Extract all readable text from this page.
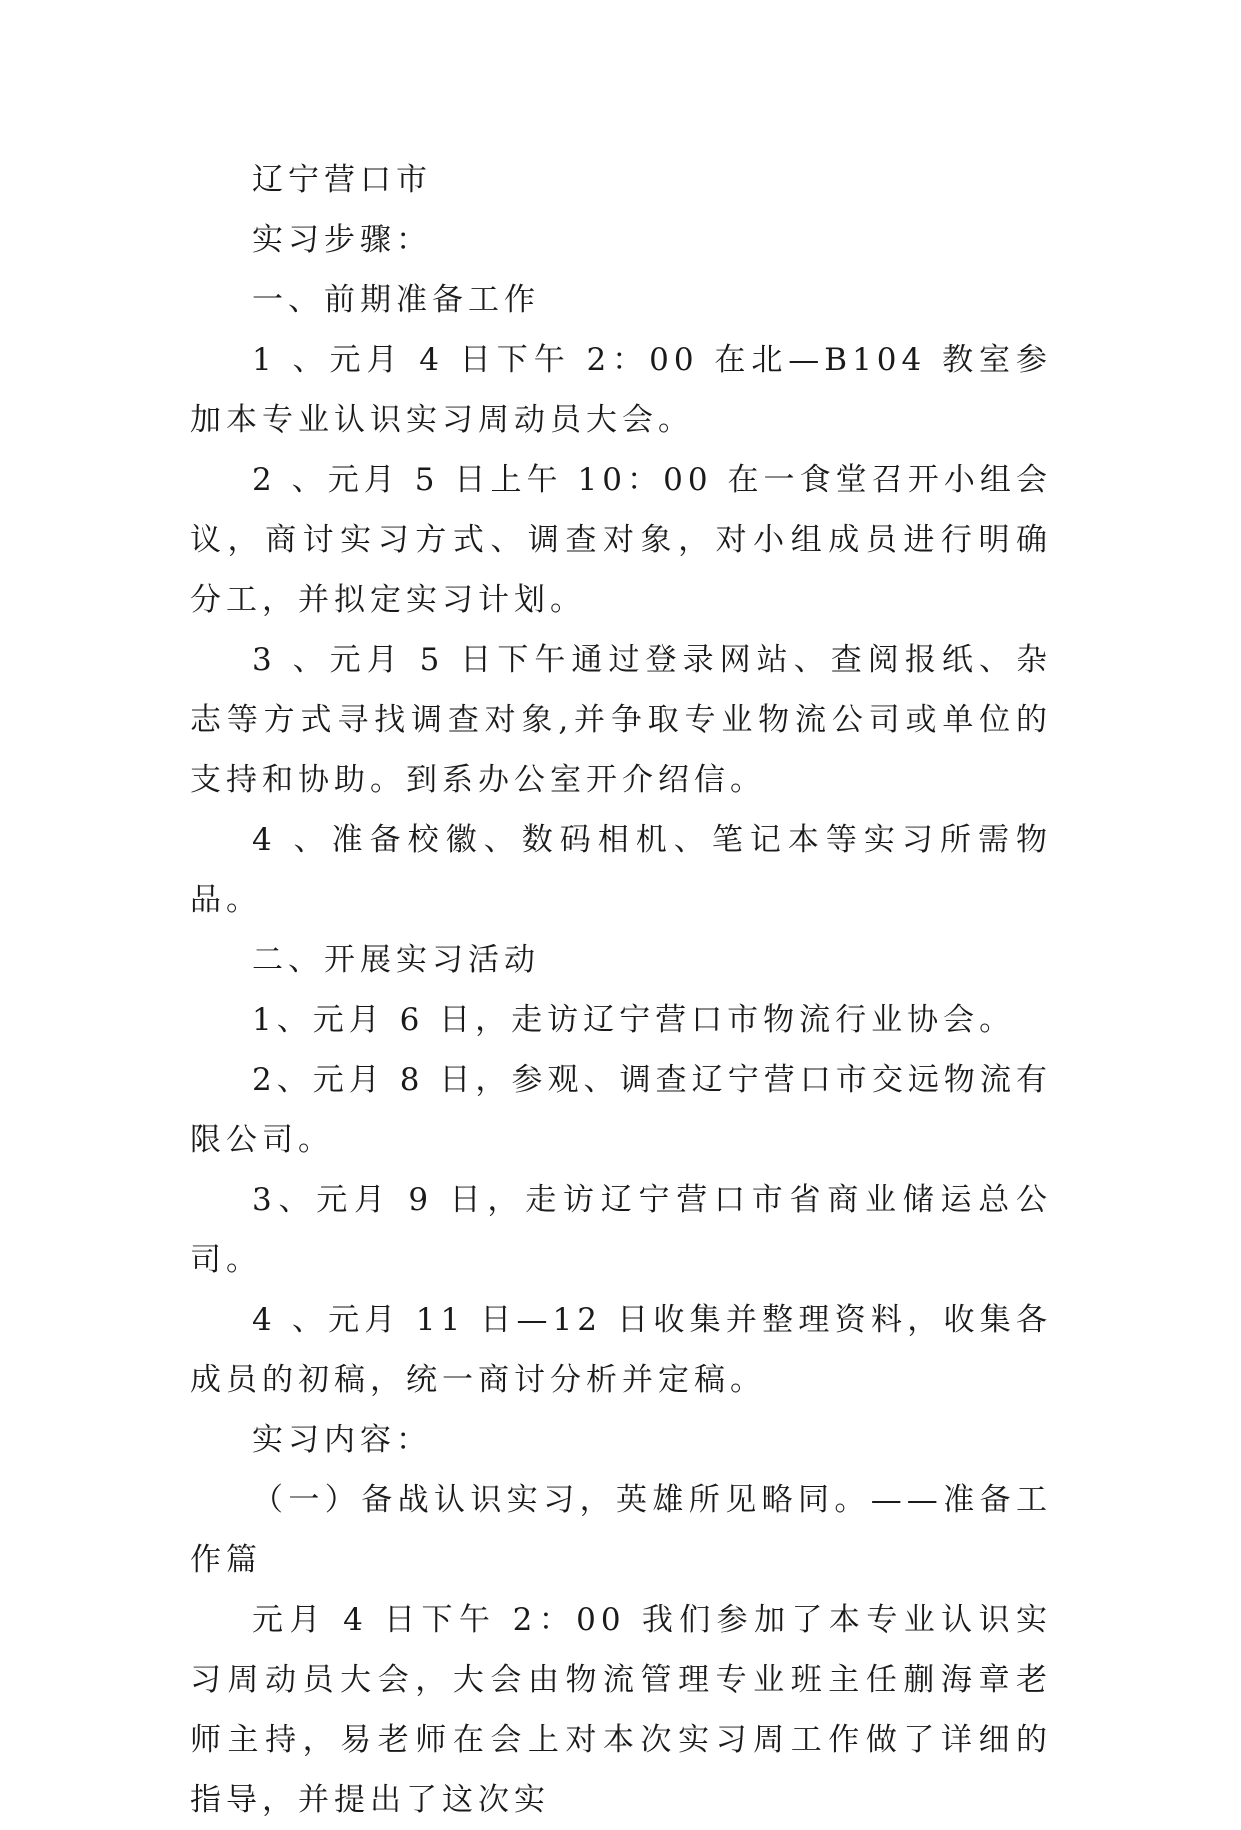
辽宁营口市

实习步骤：

一、前期准备工作

1 、元月 4 日下午 2：00 在北—B104 教室参加本专业认识实习周动员大会。

2 、元月 5 日上午 10：00 在一食堂召开小组会议，商讨实习方式、调查对象，对小组成员进行明确分工，并拟定实习计划。

3 、元月 5 日下午通过登录网站、查阅报纸、杂志等方式寻找调查对象,并争取专业物流公司或单位的支持和协助。到系办公室开介绍信。

4 、准备校徽、数码相机、笔记本等实习所需物品。

二、开展实习活动

1、元月 6 日，走访辽宁营口市物流行业协会。

2、元月 8 日，参观、调查辽宁营口市交远物流有限公司。

3、元月 9 日，走访辽宁营口市省商业储运总公司。

4 、元月 11 日—12 日收集并整理资料，收集各成员的初稿，统一商讨分析并定稿。

实习内容：

（一）备战认识实习，英雄所见略同。——准备工作篇

元月 4 日下午 2：00 我们参加了本专业认识实习周动员大会，大会由物流管理专业班主任蒯海章老师主持，易老师在会上对本次实习周工作做了详细的指导，并提出了这次实
